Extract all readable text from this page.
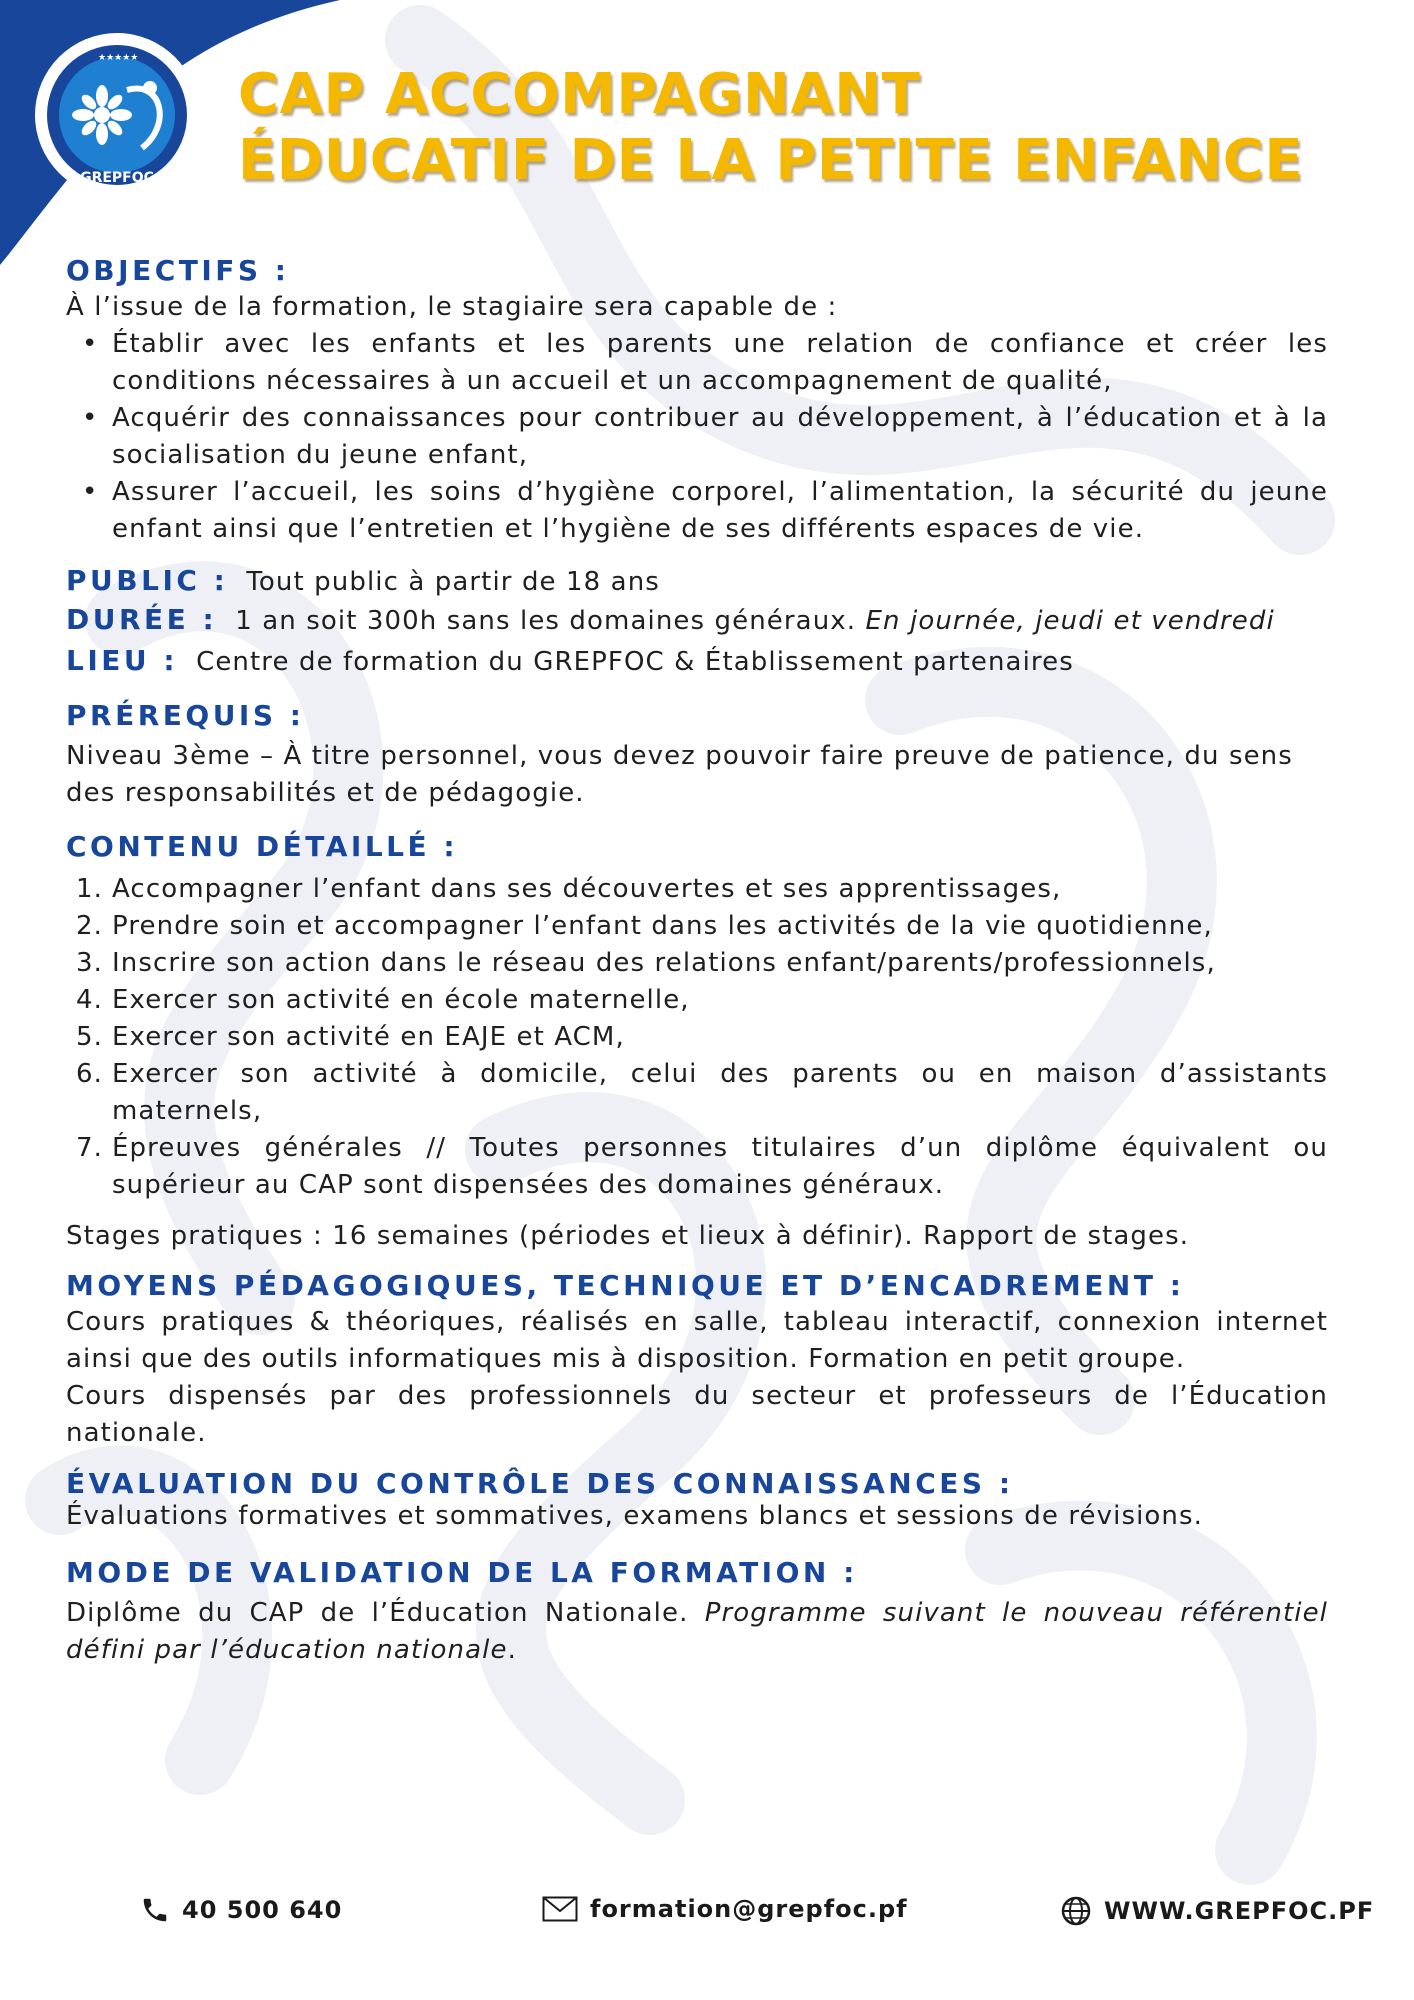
★★★★★
GREPFOC
CAP ACCOMPAGNANT
ÉDUCATIF DE LA PETITE ENFANCE
OBJECTIFS :

À l’issue de la formation, le stagiaire sera capable de :

• Établir avec les enfants et les parents une relation de confiance et créer les conditions nécessaires à un accueil et un accompagnement de qualité,
• Acquérir des connaissances pour contribuer au développement, à l’éducation et à la socialisation du jeune enfant,
• Assurer l’accueil, les soins d’hygiène corporel, l’alimentation, la sécurité du jeune enfant ainsi que l’entretien et l’hygiène de ses différents espaces de vie.
PUBLIC : Tout public à partir de 18 ans
DURÉE : 1 an soit 300h sans les domaines généraux. En journée, jeudi et vendredi
LIEU : Centre de formation du GREPFOC & Établissement partenaires
PRÉREQUIS :

Niveau 3ème – À titre personnel, vous devez pouvoir faire preuve de patience, du sens des responsabilités et de pédagogie.

CONTENU DÉTAILLÉ :
1. Accompagner l’enfant dans ses découvertes et ses apprentissages,
2. Prendre soin et accompagner l’enfant dans les activités de la vie quotidienne,
3. Inscrire son action dans le réseau des relations enfant/parents/professionnels,
4. Exercer son activité en école maternelle,
5. Exercer son activité en EAJE et ACM,
6. Exercer son activité à domicile, celui des parents ou en maison d’assistants maternels,
7. Épreuves générales // Toutes personnes titulaires d’un diplôme équivalent ou supérieur au CAP sont dispensées des domaines généraux.

Stages pratiques : 16 semaines (périodes et lieux à définir). Rapport de stages.

MOYENS PÉDAGOGIQUES, TECHNIQUE ET D’ENCADREMENT :

Cours pratiques & théoriques, réalisés en salle, tableau interactif, connexion internet ainsi que des outils informatiques mis à disposition. Formation en petit groupe.

Cours dispensés par des professionnels du secteur et professeurs de l’Éducation nationale.

ÉVALUATION DU CONTRÔLE DES CONNAISSANCES :

Évaluations formatives et sommatives, examens blancs et sessions de révisions.

MODE DE VALIDATION DE LA FORMATION :

Diplôme du CAP de l’Éducation Nationale. Programme suivant le nouveau référentiel défini par l’éducation nationale.

40 500 640	formation@grepfoc.pf	WWW.GREPFOC.PF
